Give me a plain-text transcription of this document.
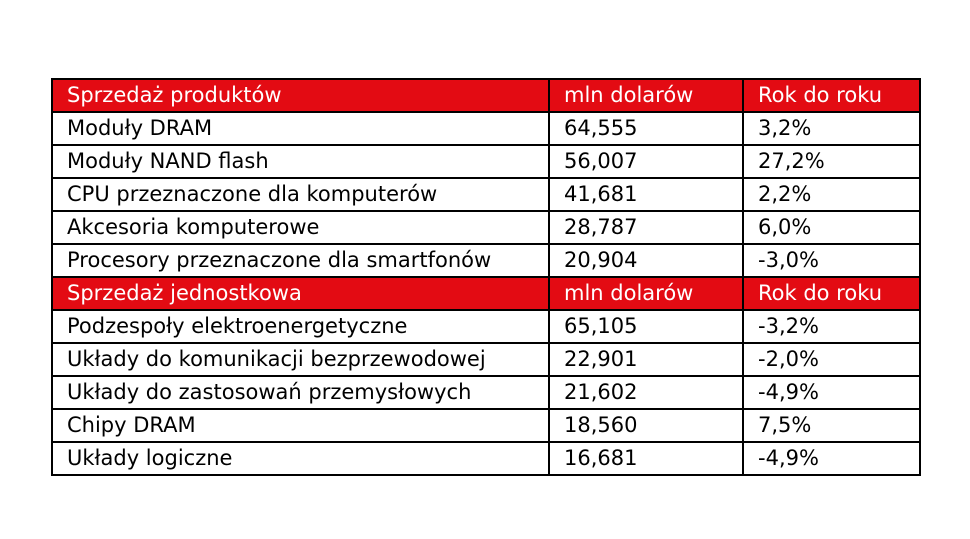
Sprzedaż produktów	mln dolarów	Rok do roku
Moduły DRAM	64,555	3,2%
Moduły NAND flash	56,007	27,2%
CPU przeznaczone dla komputerów	41,681	2,2%
Akcesoria komputerowe	28,787	6,0%
Procesory przeznaczone dla smartfonów	20,904	-3,0%
Sprzedaż jednostkowa	mln dolarów	Rok do roku
Podzespoły elektroenergetyczne	65,105	-3,2%
Układy do komunikacji bezprzewodowej	22,901	-2,0%
Układy do zastosowań przemysłowych	21,602	-4,9%
Chipy DRAM	18,560	7,5%
Układy logiczne	16,681	-4,9%
